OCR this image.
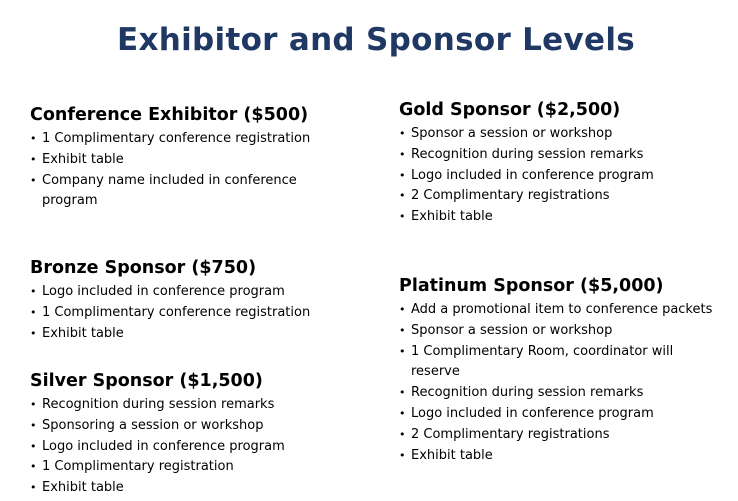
Exhibitor and Sponsor Levels
Conference Exhibitor ($500)
• 1 Complimentary conference registration
• Exhibit table
• Company name included in conference program
Bronze Sponsor ($750)
• Logo included in conference program
• 1 Complimentary conference registration
• Exhibit table
Silver Sponsor ($1,500)
• Recognition during session remarks
• Sponsoring a session or workshop
• Logo included in conference program
• 1 Complimentary registration
• Exhibit table
Gold Sponsor ($2,500)
• Sponsor a session or workshop
• Recognition during session remarks
• Logo included in conference program
• 2 Complimentary registrations
• Exhibit table
Platinum Sponsor ($5,000)
• Add a promotional item to conference packets
• Sponsor a session or workshop
• 1 Complimentary Room, coordinator will reserve
• Recognition during session remarks
• Logo included in conference program
• 2 Complimentary registrations
• Exhibit table
